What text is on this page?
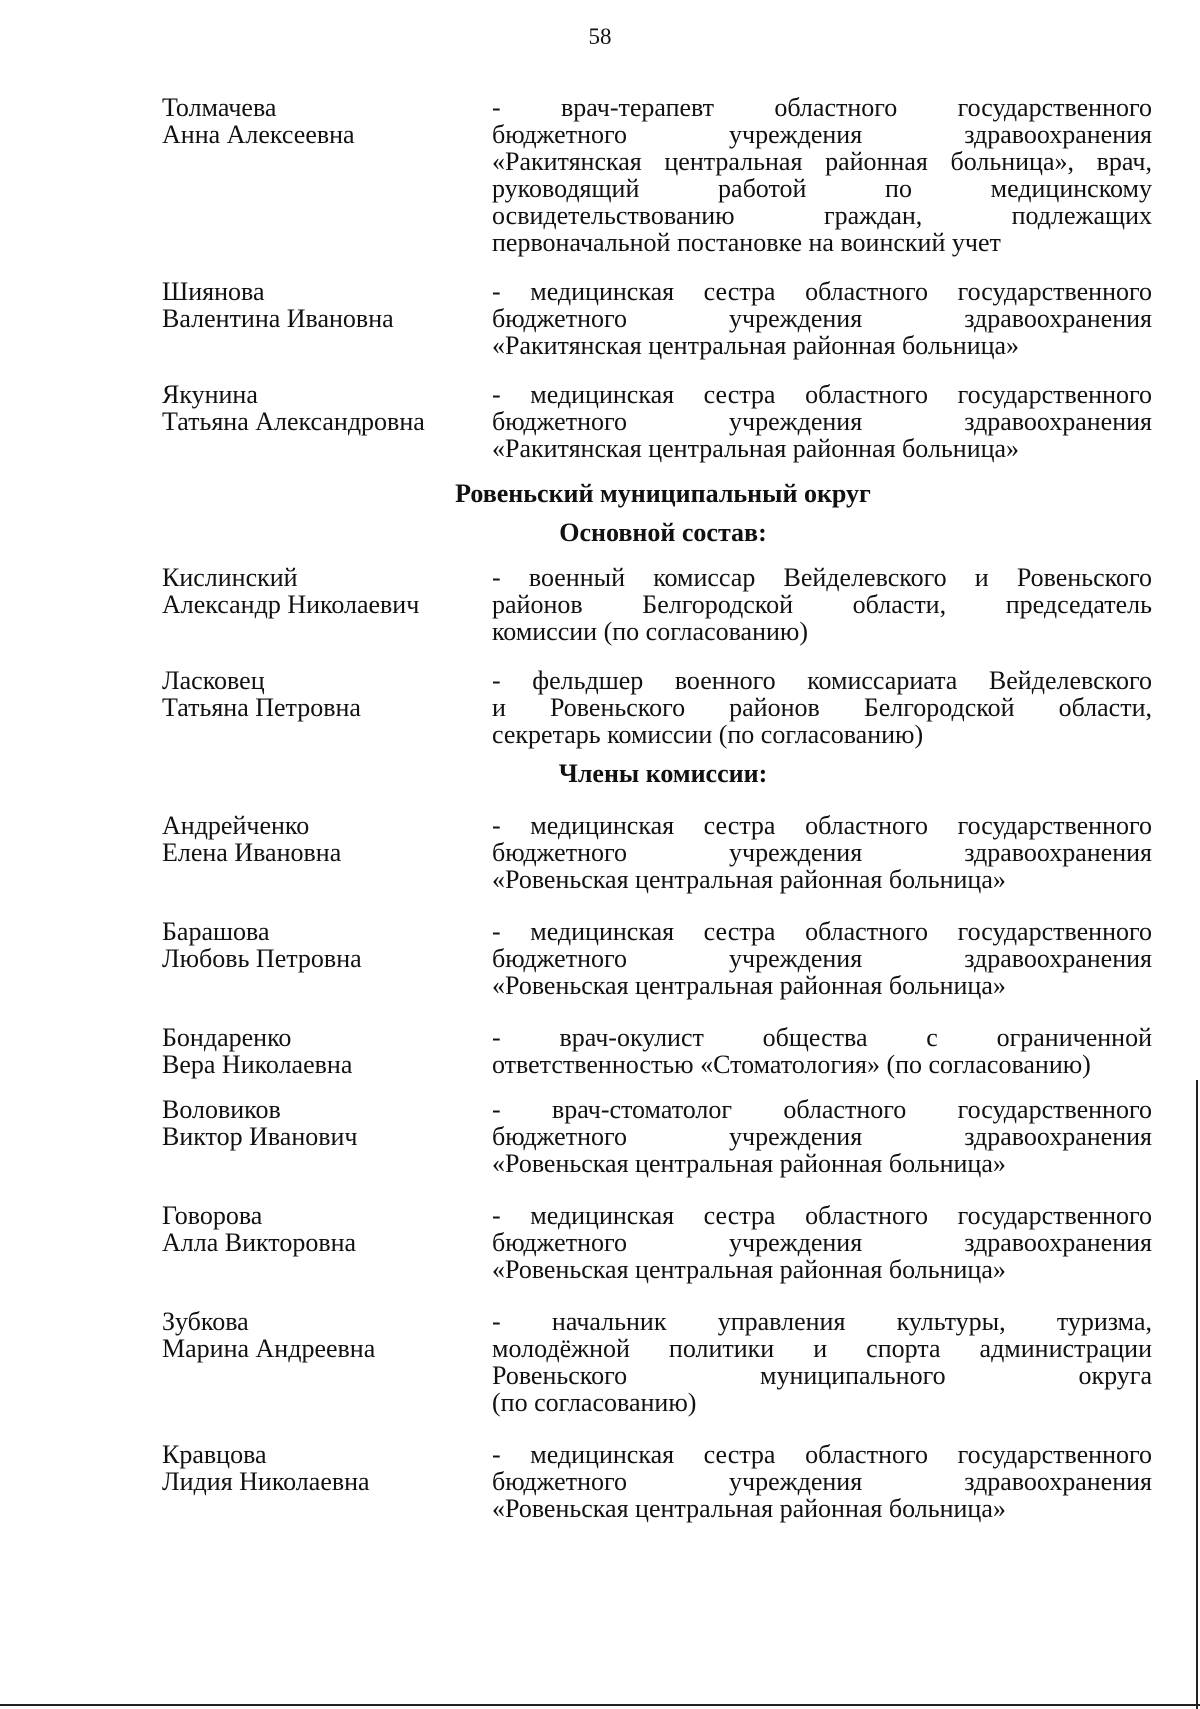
58
Толмачева
Анна Алексеевна
- врач-терапевт областного государственного
бюджетного учреждения здравоохранения
«Ракитянская центральная районная больница», врач,
руководящий работой по медицинскому
освидетельствованию граждан, подлежащих
первоначальной постановке на воинский учет
Шиянова
Валентина Ивановна
- медицинская сестра областного государственного
бюджетного учреждения здравоохранения
«Ракитянская центральная районная больница»
Якунина
Татьяна Александровна
- медицинская сестра областного государственного
бюджетного учреждения здравоохранения
«Ракитянская центральная районная больница»
Ровеньский муниципальный округ
Основной состав:
Кислинский
Александр Николаевич
- военный комиссар Вейделевского и Ровеньского
районов Белгородской области, председатель
комиссии (по согласованию)
Ласковец
Татьяна Петровна
- фельдшер военного комиссариата Вейделевского
и Ровеньского районов Белгородской области,
секретарь комиссии (по согласованию)
Члены комиссии:
Андрейченко
Елена Ивановна
- медицинская сестра областного государственного
бюджетного учреждения здравоохранения
«Ровеньская центральная районная больница»
Барашова
Любовь Петровна
- медицинская сестра областного государственного
бюджетного учреждения здравоохранения
«Ровеньская центральная районная больница»
Бондаренко
Вера Николаевна
- врач-окулист общества с ограниченной
ответственностью «Стоматология» (по согласованию)
Воловиков
Виктор Иванович
- врач-стоматолог областного государственного
бюджетного учреждения здравоохранения
«Ровеньская центральная районная больница»
Говорова
Алла Викторовна
- медицинская сестра областного государственного
бюджетного учреждения здравоохранения
«Ровеньская центральная районная больница»
Зубкова
Марина Андреевна
- начальник управления культуры, туризма,
молодёжной политики и спорта администрации
Ровеньского муниципального округа
(по согласованию)
Кравцова
Лидия Николаевна
- медицинская сестра областного государственного
бюджетного учреждения здравоохранения
«Ровеньская центральная районная больница»
